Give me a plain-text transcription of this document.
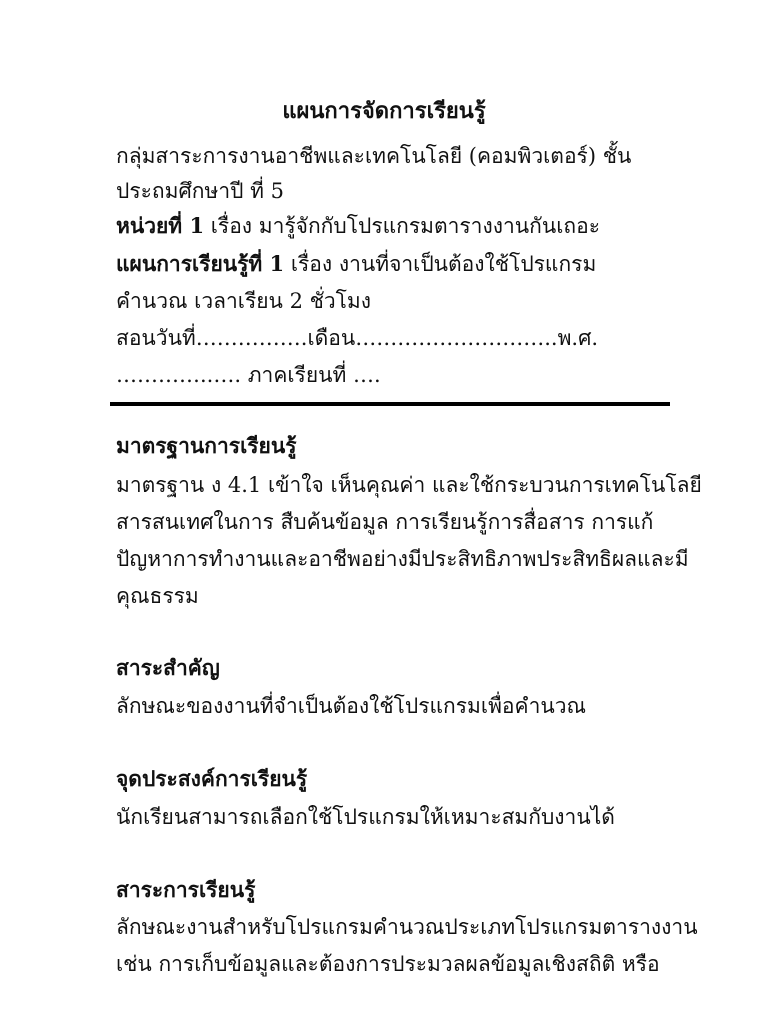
แผนการจัดการเรียนรู้
กลุ่มสาระการงานอาชีพและเทคโนโลยี (คอมพิวเตอร์) ชั้น
ประถมศึกษาปี ที่ 5
หน่วยที่ 1 เรื่อง มารู้จักกับโปรแกรมตารางงานกันเถอะ
แผนการเรียนรู้ที่ 1 เรื่อง งานที่จาเป็นต้องใช้โปรแกรม
คำนวณ เวลาเรียน 2 ชั่วโมง
สอนวันที่…………….เดือน………………………..พ.ศ.
…………..…. ภาคเรียนที่ ….
มาตรฐานการเรียนรู้
มาตรฐาน ง 4.1 เข้าใจ เห็นคุณค่า และใช้กระบวนการเทคโนโลยี
สารสนเทศในการ สืบค้นข้อมูล การเรียนรู้การสื่อสาร การแก้
ปัญหาการทำงานและอาชีพอย่างมีประสิทธิภาพประสิทธิผลและมี
คุณธรรม
สาระสำคัญ
ลักษณะของงานที่จำเป็นต้องใช้โปรแกรมเพื่อคำนวณ
จุดประสงค์การเรียนรู้
นักเรียนสามารถเลือกใช้โปรแกรมให้เหมาะสมกับงานได้
สาระการเรียนรู้
ลักษณะงานสำหรับโปรแกรมคำนวณประเภทโปรแกรมตารางงาน
เช่น การเก็บข้อมูลและต้องการประมวลผลข้อมูลเชิงสถิติ หรือ
